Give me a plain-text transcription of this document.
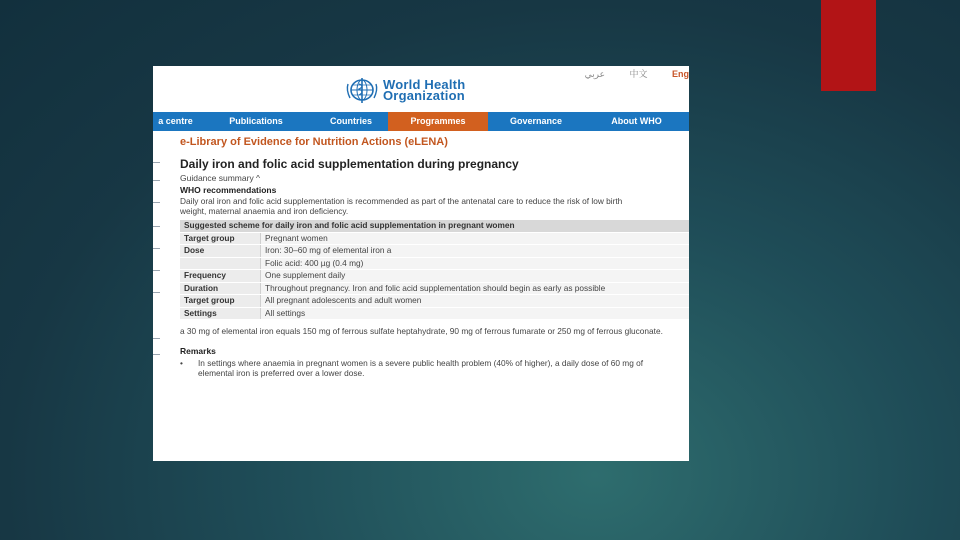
عربي	中文	Eng
World Health
Organization
a centre	Publications	Countries	Programmes	Governance	About WHO
e-Library of Evidence for Nutrition Actions (eLENA)
Daily iron and folic acid supplementation during pregnancy
Guidance summary ^
WHO recommendations
Daily oral iron and folic acid supplementation is recommended as part of the antenatal care to reduce the risk of low birth weight, maternal anaemia and iron deficiency.
Suggested scheme for daily iron and folic acid supplementation in pregnant women	
Target group	Pregnant women
Dose	Iron: 30–60 mg of elemental iron a
	Folic acid: 400 µg (0.4 mg)
Frequency	One supplement daily
Duration	Throughout pregnancy. Iron and folic acid supplementation should begin as early as possible
Target group	All pregnant adolescents and adult women
Settings	All settings
a 30 mg of elemental iron equals 150 mg of ferrous sulfate heptahydrate, 90 mg of ferrous fumarate or 250 mg of ferrous gluconate.
Remarks
•	In settings where anaemia in pregnant women is a severe public health problem (40% of higher), a daily dose of 60 mg of elemental iron is preferred over a lower dose.
